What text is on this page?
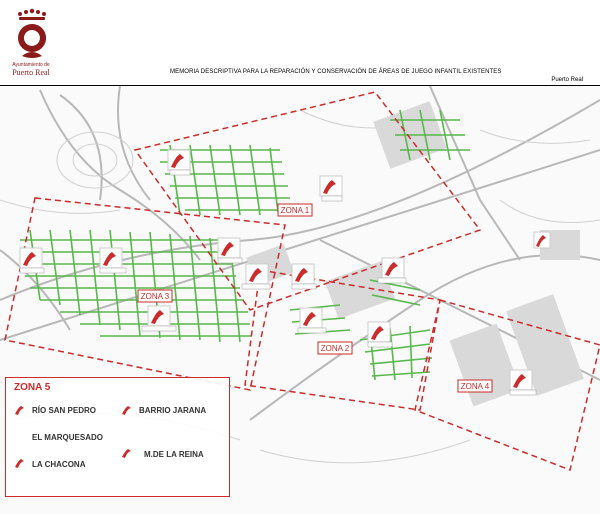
Ayuntamiento de
Puerto Real	MEMORIA DESCRIPTIVA PARA LA REPARACIÓN Y CONSERVACIÓN DE ÁREAS DE JUEGO INFANTIL EXISTENTES
Puerto Real
ZONA 1
ZONA 3
ZONA 2
ZONA 4
ZONA 5
RÍO SAN PEDRO	BARRIO JARANA
EL MARQUESADO
LA CHACONA
M.DE LA REINA
